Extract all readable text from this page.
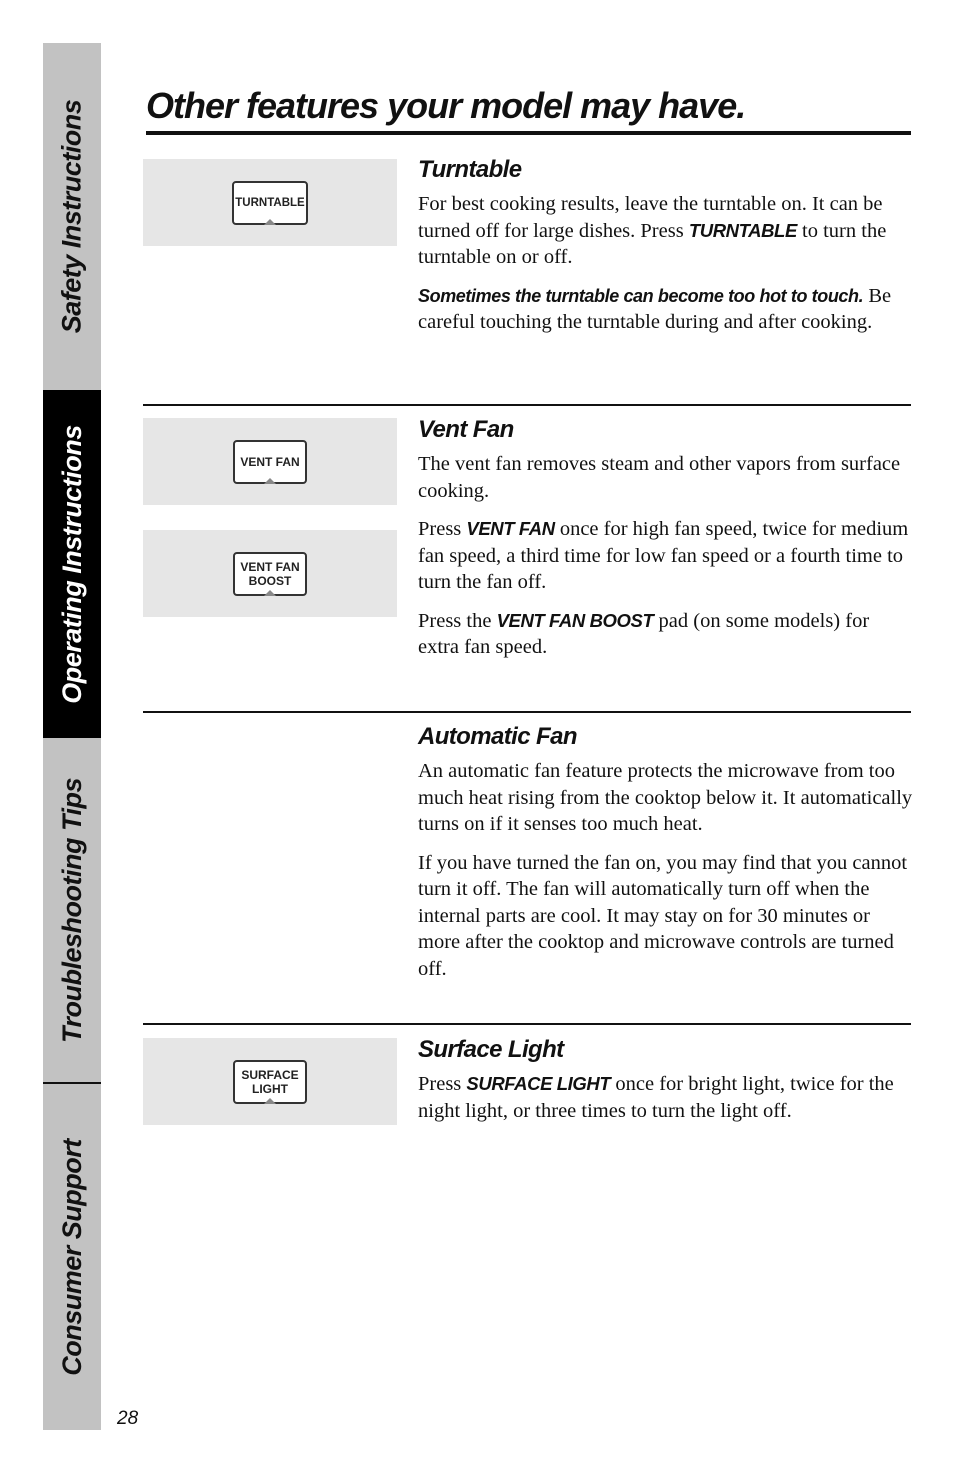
Safety Instructions
Operating Instructions
Troubleshooting Tips
Consumer Support
28
Other features your model may have.
TURNTABLE
Turntable

For best cooking results, leave the turntable on. It can be turned off for large dishes. Press TURNTABLE to turn the turntable on or off.

Sometimes the turntable can become too hot to touch. Be careful touching the turntable during and after cooking.

VENT FAN
VENT FAN
BOOST
Vent Fan

The vent fan removes steam and other vapors from surface cooking.

Press VENT FAN once for high fan speed, twice for medium fan speed, a third time for low fan speed or a fourth time to turn the fan off.

Press the VENT FAN BOOST pad (on some models) for extra fan speed.

Automatic Fan

An automatic fan feature protects the microwave from too much heat rising from the cooktop below it. It automatically turns on if it senses too much heat.

If you have turned the fan on, you may find that you cannot turn it off. The fan will automatically turn off when the internal parts are cool. It may stay on for 30 minutes or more after the cooktop and microwave controls are turned off.

SURFACE
LIGHT
Surface Light

Press SURFACE LIGHT once for bright light, twice for the night light, or three times to turn the light off.
